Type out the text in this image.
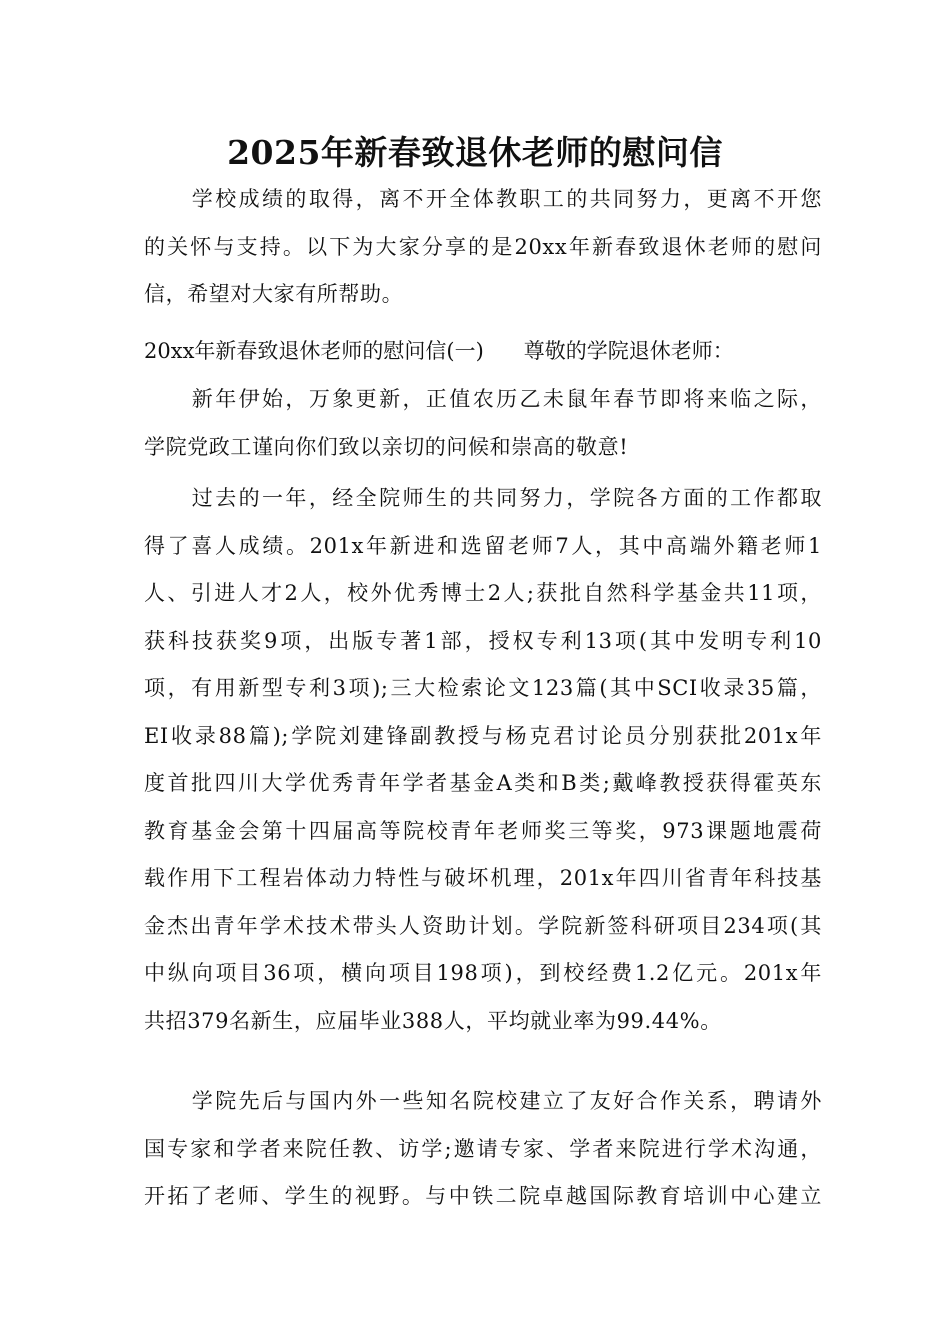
2025年新春致退休老师的慰问信
学校成绩的取得，离不开全体教职工的共同努力，更离不开您
的关怀与支持。以下为大家分享的是20xx年新春致退休老师的慰问
信，希望对大家有所帮助。
20xx年新春致退休老师的慰问信(一) 尊敬的学院退休老师：
新年伊始，万象更新，正值农历乙未鼠年春节即将来临之际，
学院党政工谨向你们致以亲切的问候和崇高的敬意!
过去的一年，经全院师生的共同努力，学院各方面的工作都取
得了喜人成绩。201x年新进和选留老师7人，其中高端外籍老师1
人、引进人才2人，校外优秀博士2人;获批自然科学基金共11项，
获科技获奖9项，出版专著1部，授权专利13项(其中发明专利10
项，有用新型专利3项);三大检索论文123篇(其中SCI收录35篇，
EI收录88篇);学院刘建锋副教授与杨克君讨论员分别获批201x年
度首批四川大学优秀青年学者基金A类和B类;戴峰教授获得霍英东
教育基金会第十四届高等院校青年老师奖三等奖，973课题地震荷
载作用下工程岩体动力特性与破坏机理，201x年四川省青年科技基
金杰出青年学术技术带头人资助计划。学院新签科研项目234项(其
中纵向项目36项，横向项目198项)，到校经费1.2亿元。201x年
共招379名新生，应届毕业388人，平均就业率为99.44%。
学院先后与国内外一些知名院校建立了友好合作关系，聘请外
国专家和学者来院任教、访学;邀请专家、学者来院进行学术沟通，
开拓了老师、学生的视野。与中铁二院卓越国际教育培训中心建立
